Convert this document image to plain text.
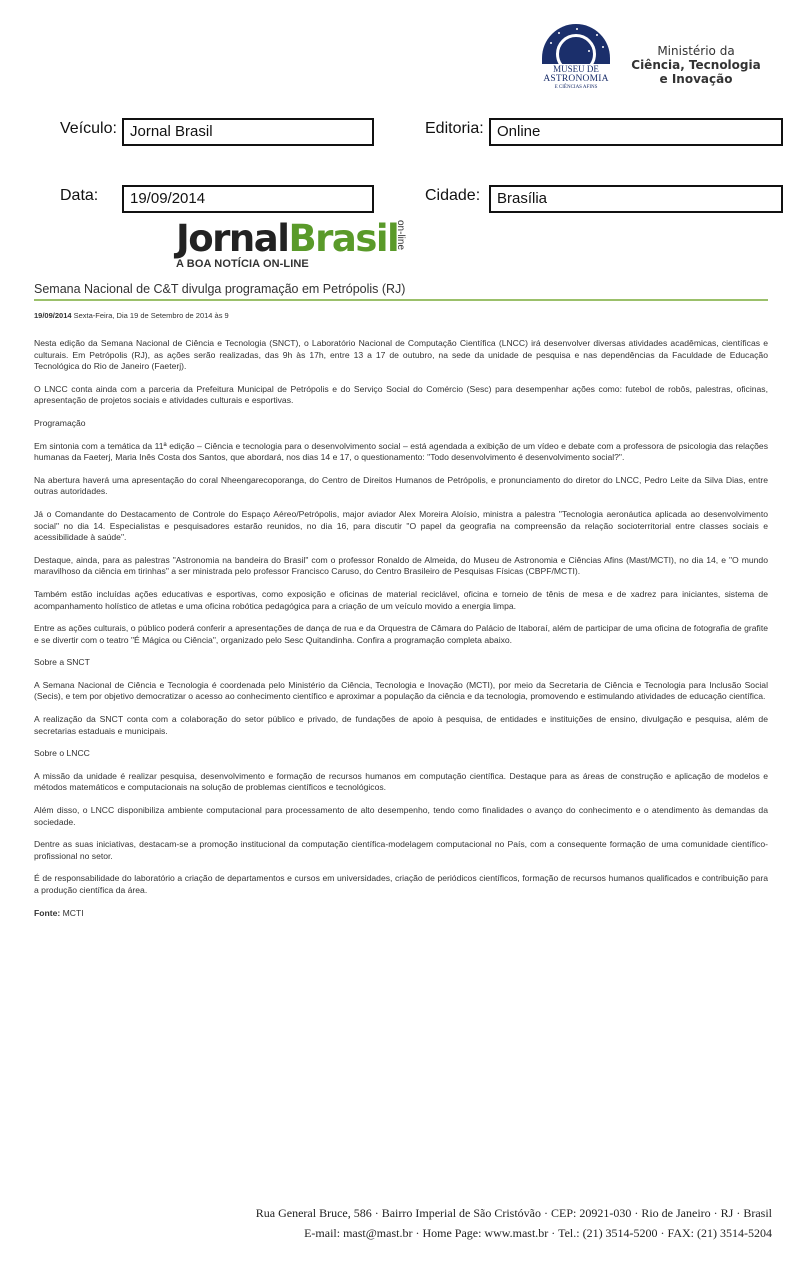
MUSEU DE
ASTRONOMIA
E CIÊNCIAS AFINS
Ministério da
Ciência, Tecnologia
e Inovação
Veículo: Jornal Brasil	Editoria: Online
Data:	19/09/2014	Cidade:	Brasília
JornalBrasil
on-line
A BOA NOTÍCIA ON-LINE
Semana Nacional de C&T divulga programação em Petrópolis (RJ)
19/09/2014 Sexta-Feira, Dia 19 de Setembro de 2014 às 9

Nesta edição da Semana Nacional de Ciência e Tecnologia (SNCT), o Laboratório Nacional de Computação Científica (LNCC) irá desenvolver diversas atividades acadêmicas, científicas e culturais. Em Petrópolis (RJ), as ações serão realizadas, das 9h às 17h, entre 13 a 17 de outubro, na sede da unidade de pesquisa e nas dependências da Faculdade de Educação Tecnológica do Rio de Janeiro (Faeterj).

O LNCC conta ainda com a parceria da Prefeitura Municipal de Petrópolis e do Serviço Social do Comércio (Sesc) para desempenhar ações como: futebol de robôs, palestras, oficinas, apresentação de projetos sociais e atividades culturais e esportivas.

Programação

Em sintonia com a temática da 11ª edição – Ciência e tecnologia para o desenvolvimento social – está agendada a exibição de um vídeo e debate com a professora de psicologia das relações humanas da Faeterj, Maria Inês Costa dos Santos, que abordará, nos dias 14 e 17, o questionamento: "Todo desenvolvimento é desenvolvimento social?".

Na abertura haverá uma apresentação do coral Nheengarecoporanga, do Centro de Direitos Humanos de Petrópolis, e pronunciamento do diretor do LNCC, Pedro Leite da Silva Dias, entre outras autoridades.

Já o Comandante do Destacamento de Controle do Espaço Aéreo/Petrópolis, major aviador Alex Moreira Aloísio, ministra a palestra "Tecnologia aeronáutica aplicada ao desenvolvimento social" no dia 14. Especialistas e pesquisadores estarão reunidos, no dia 16, para discutir "O papel da geografia na compreensão da relação socioterritorial entre classes sociais e acessibilidade à saúde".

Destaque, ainda, para as palestras "Astronomia na bandeira do Brasil" com o professor Ronaldo de Almeida, do Museu de Astronomia e Ciências Afins (Mast/MCTI), no dia 14, e "O mundo maravilhoso da ciência em tirinhas" a ser ministrada pelo professor Francisco Caruso, do Centro Brasileiro de Pesquisas Físicas (CBPF/MCTI).

Também estão incluídas ações educativas e esportivas, como exposição e oficinas de material reciclável, oficina e torneio de tênis de mesa e de xadrez para iniciantes, sistema de acompanhamento holístico de atletas e uma oficina robótica pedagógica para a criação de um veículo movido a energia limpa.

Entre as ações culturais, o público poderá conferir a apresentações de dança de rua e da Orquestra de Câmara do Palácio de Itaboraí, além de participar de uma oficina de fotografia de grafite e se divertir com o teatro "É Mágica ou Ciência", organizado pelo Sesc Quitandinha. Confira a programação completa abaixo.

Sobre a SNCT

A Semana Nacional de Ciência e Tecnologia é coordenada pelo Ministério da Ciência, Tecnologia e Inovação (MCTI), por meio da Secretaria de Ciência e Tecnologia para Inclusão Social (Secis), e tem por objetivo democratizar o acesso ao conhecimento científico e aproximar a população da ciência e da tecnologia, promovendo e estimulando atividades de educação científica.

A realização da SNCT conta com a colaboração do setor público e privado, de fundações de apoio à pesquisa, de entidades e instituições de ensino, divulgação e pesquisa, além de secretarias estaduais e municipais.

Sobre o LNCC

A missão da unidade é realizar pesquisa, desenvolvimento e formação de recursos humanos em computação científica. Destaque para as áreas de construção e aplicação de modelos e métodos matemáticos e computacionais na solução de problemas científicos e tecnológicos.

Além disso, o LNCC disponibiliza ambiente computacional para processamento de alto desempenho, tendo como finalidades o avanço do conhecimento e o atendimento às demandas da sociedade.

Dentre as suas iniciativas, destacam-se a promoção institucional da computação científica-modelagem computacional no País, com a consequente formação de uma comunidade científico-profissional no setor.

É de responsabilidade do laboratório a criação de departamentos e cursos em universidades, criação de periódicos científicos, formação de recursos humanos qualificados e contribuição para a produção científica da área.

Fonte: MCTI
Rua General Bruce, 586 · Bairro Imperial de São Cristóvão · CEP: 20921-030 · Rio de Janeiro · RJ · Brasil
E-mail: mast@mast.br · Home Page: www.mast.br · Tel.: (21) 3514-5200 · FAX: (21) 3514-5204
